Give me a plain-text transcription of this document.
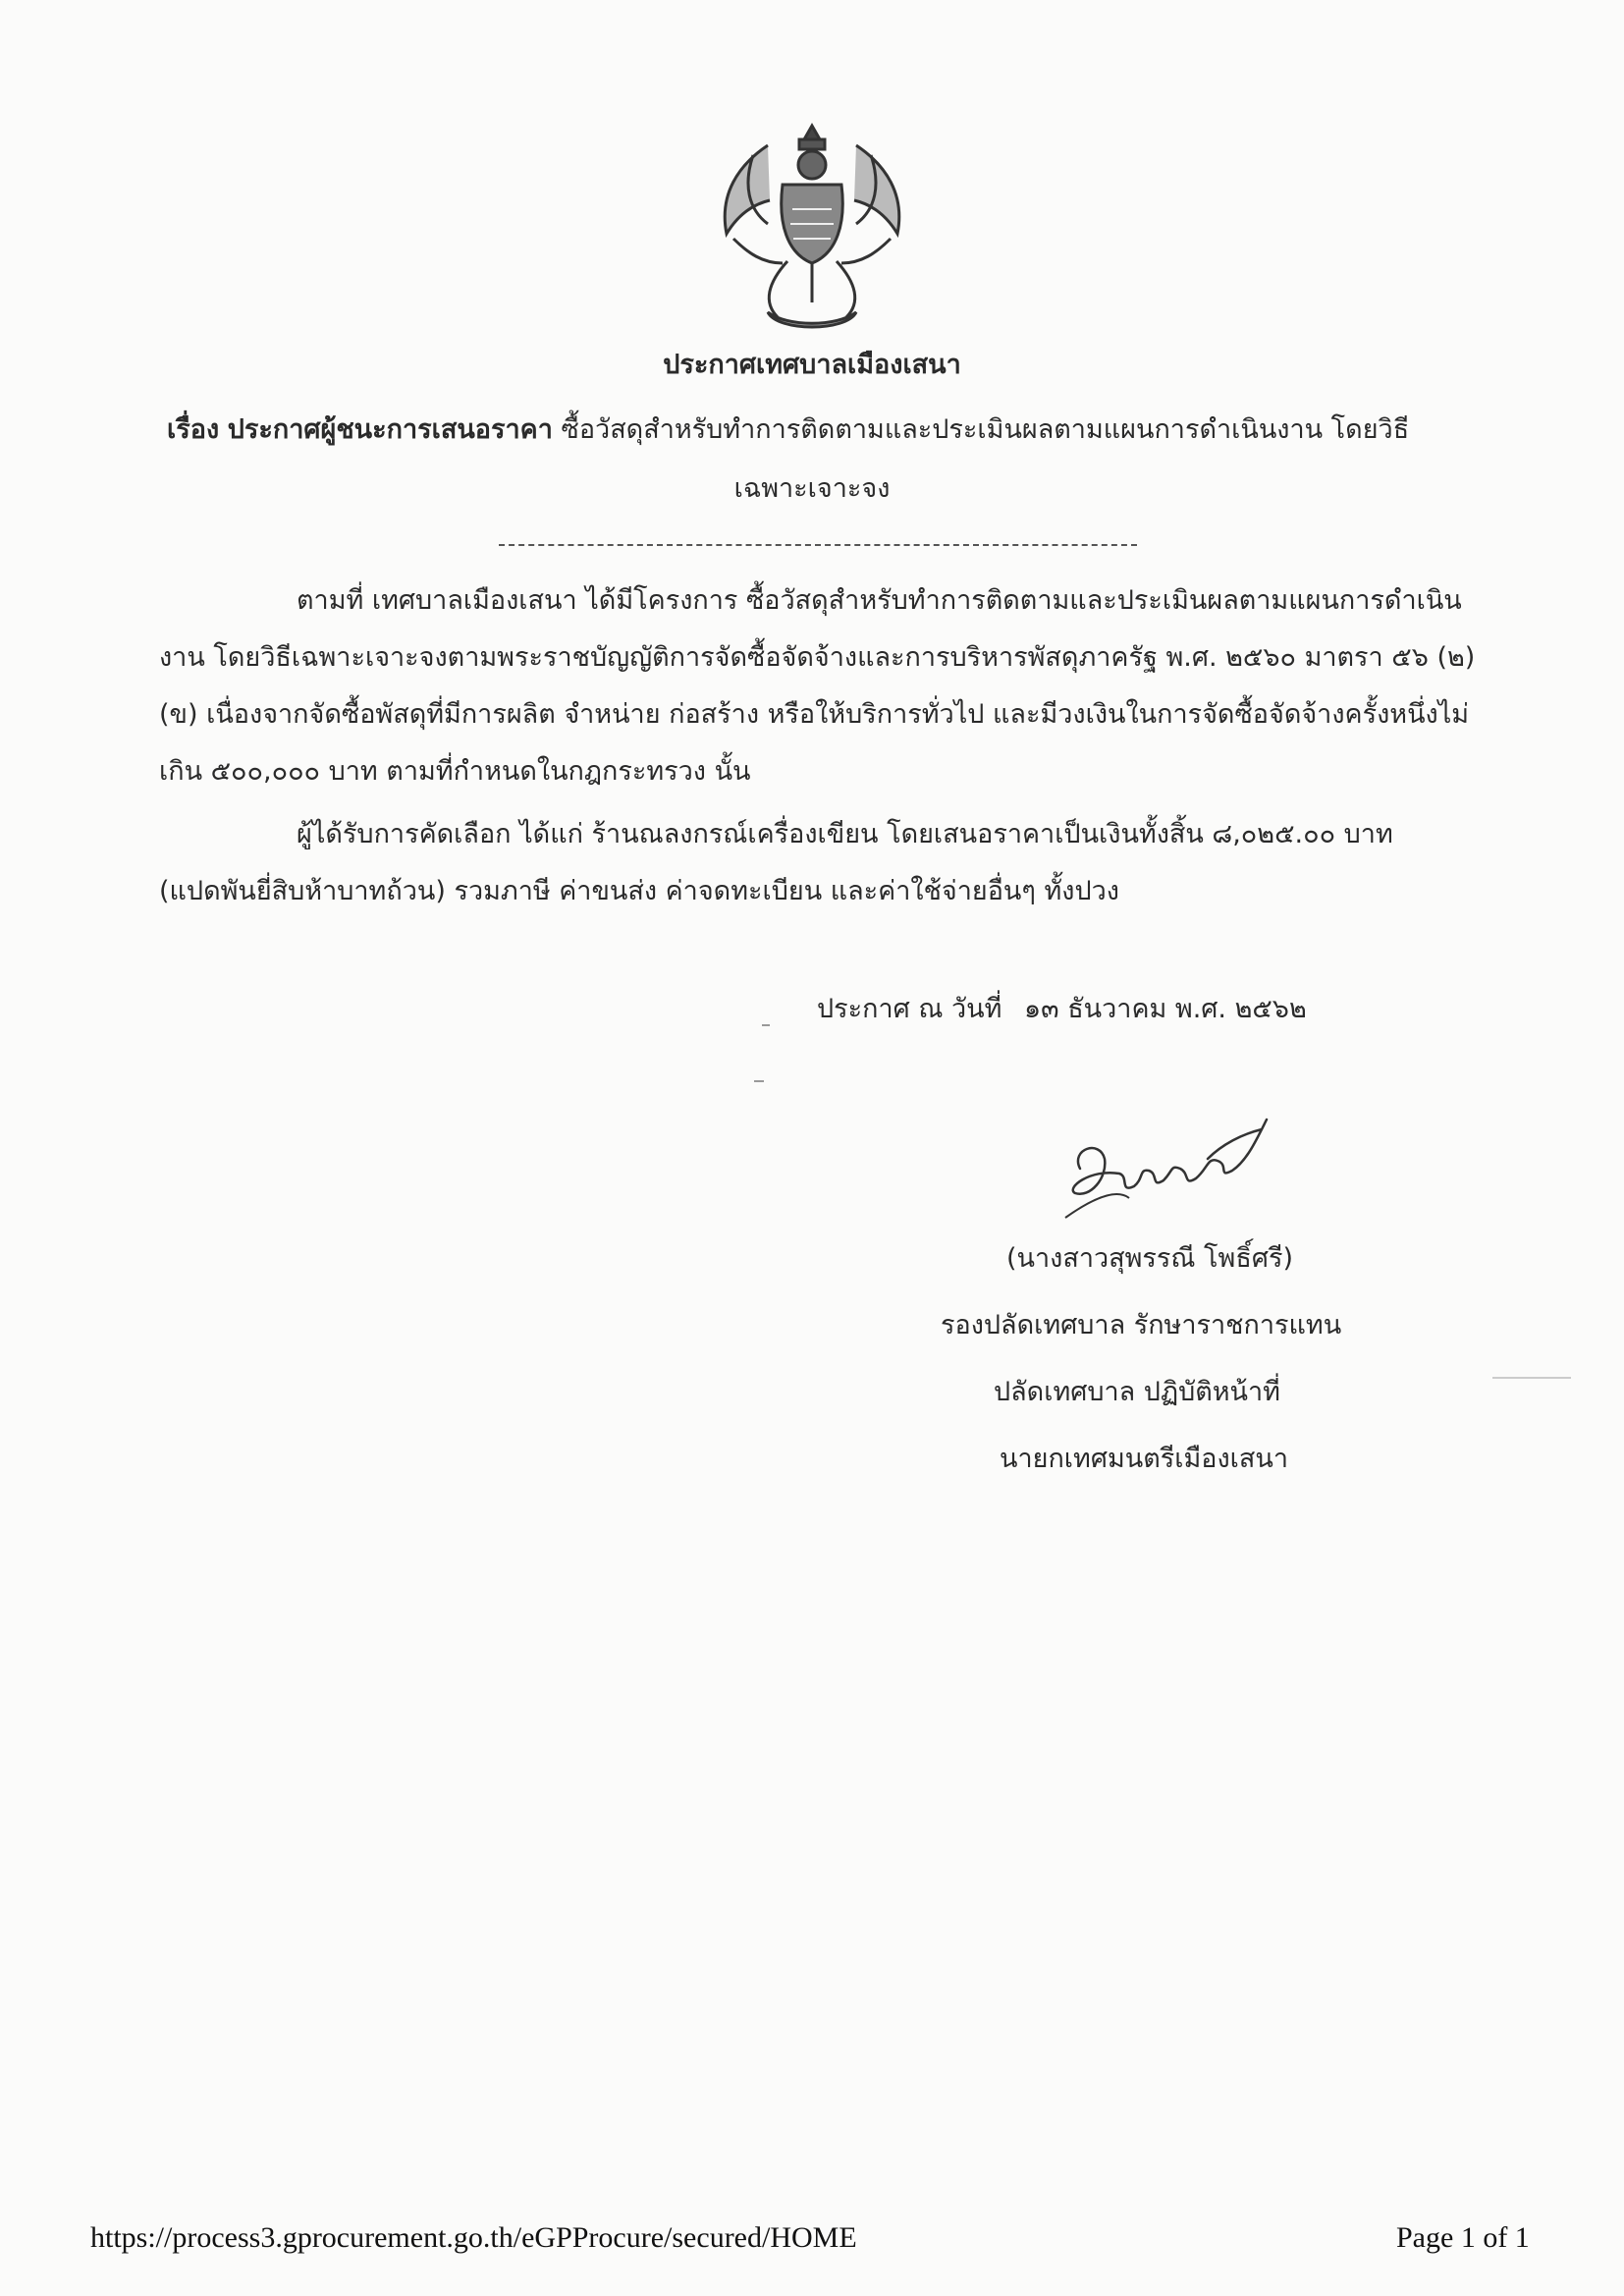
ประกาศเทศบาลเมืองเสนา
เรื่อง ประกาศผู้ชนะการเสนอราคา ซื้อวัสดุสำหรับทำการติดตามและประเมินผลตามแผนการดำเนินงาน โดยวิธี
เฉพาะเจาะจง
ตามที่ เทศบาลเมืองเสนา ได้มีโครงการ ซื้อวัสดุสำหรับทำการติดตามและประเมินผลตามแผนการดำเนิน
งาน โดยวิธีเฉพาะเจาะจงตามพระราชบัญญัติการจัดซื้อจัดจ้างและการบริหารพัสดุภาครัฐ พ.ศ. ๒๕๖๐ มาตรา ๕๖ (๒)
(ข) เนื่องจากจัดซื้อพัสดุที่มีการผลิต จำหน่าย ก่อสร้าง หรือให้บริการทั่วไป และมีวงเงินในการจัดซื้อจัดจ้างครั้งหนึ่งไม่
เกิน ๕๐๐,๐๐๐ บาท ตามที่กำหนดในกฎกระทรวง นั้น
ผู้ได้รับการคัดเลือก ได้แก่ ร้านณลงกรณ์เครื่องเขียน โดยเสนอราคาเป็นเงินทั้งสิ้น ๘,๐๒๕.๐๐ บาท
(แปดพันยี่สิบห้าบาทถ้วน) รวมภาษี ค่าขนส่ง ค่าจดทะเบียน และค่าใช้จ่ายอื่นๆ ทั้งปวง
ประกาศ ณ วันที่ ๑๓ ธันวาคม พ.ศ. ๒๕๖๒
(นางสาวสุพรรณี โพธิ์ศรี)
รองปลัดเทศบาล รักษาราชการแทน
ปลัดเทศบาล ปฏิบัติหน้าที่
นายกเทศมนตรีเมืองเสนา
https://process3.gprocurement.go.th/eGPProcure/secured/HOME	Page 1 of 1
